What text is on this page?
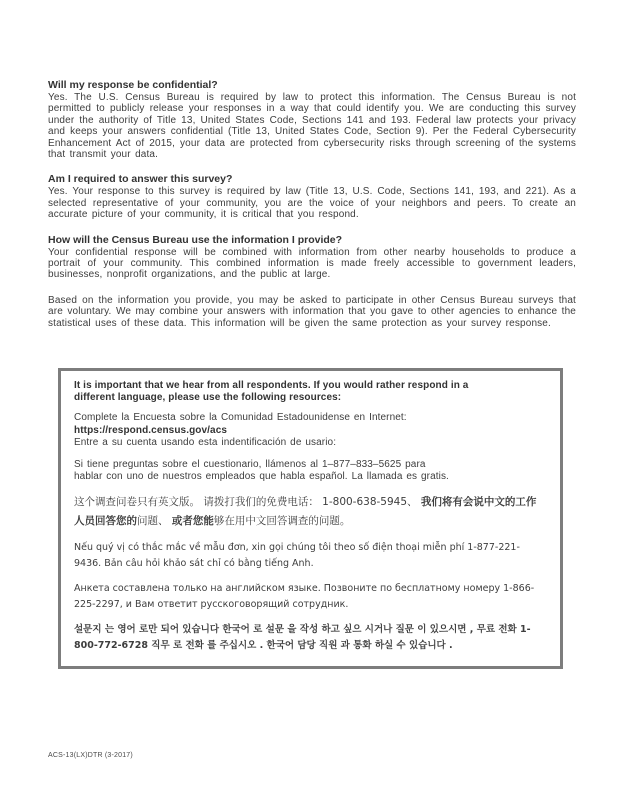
Will my response be confidential?

Yes. The U.S. Census Bureau is required by law to protect this information. The Census Bureau is not permitted to publicly release your responses in a way that could identify you. We are conducting this survey under the authority of Title 13, United States Code, Sections 141 and 193. Federal law protects your privacy and keeps your answers confidential (Title 13, United States Code, Section 9). Per the Federal Cybersecurity Enhancement Act of 2015, your data are protected from cybersecurity risks through screening of the systems that transmit your data.

Am I required to answer this survey?

Yes. Your response to this survey is required by law (Title 13, U.S. Code, Sections 141, 193, and 221). As a selected representative of your community, you are the voice of your neighbors and peers. To create an accurate picture of your community, it is critical that you respond.

How will the Census Bureau use the information I provide?

Your confidential response will be combined with information from other nearby households to produce a portrait of your community. This combined information is made freely accessible to government leaders, businesses, nonprofit organizations, and the public at large.

Based on the information you provide, you may be asked to participate in other Census Bureau surveys that are voluntary. We may combine your answers with information that you gave to other agencies to enhance the statistical uses of these data. This information will be given the same protection as your survey response.

It is important that we hear from all respondents. If you would rather respond in a
different language, please use the following resources:

Complete la Encuesta sobre la Comunidad Estadounidense en Internet:
https://respond.census.gov/acs
Entre a su cuenta usando esta indentificación de usario:

Si tiene preguntas sobre el cuestionario, llámenos al 1–877–833–5625 para
hablar con uno de nuestros empleados que habla español. La llamada es gratis.

这个调查问卷只有英文版。 请拨打我们的免费电话： 1-800-638-5945、 我们将有会说中文的工作人员回答您的问题、 或者您能够在用中文回答调查的问题。

Nếu quý vị có thắc mắc về mẫu đơn, xin gọi chúng tôi theo số điện thoại miễn phí 1-877-221-9436. Bản câu hỏi khảo sát chỉ có bằng tiếng Anh.

Анкета составлена только на английском языке. Позвоните по бесплатному номеру 1-866-225-2297, и Вам ответит русскоговорящий сотрудник.

설문지 는 영어 로만 되어 있습니다 한국어 로 설문 을 작성 하고 싶으 시거나 질문 이 있으시면 , 무료 전화 1-800-772-6728 직무 로 전화 를 주십시오 . 한국어 담당 직원 과 통화 하실 수 있습니다 .

ACS-13(LX)DTR (3-2017)
